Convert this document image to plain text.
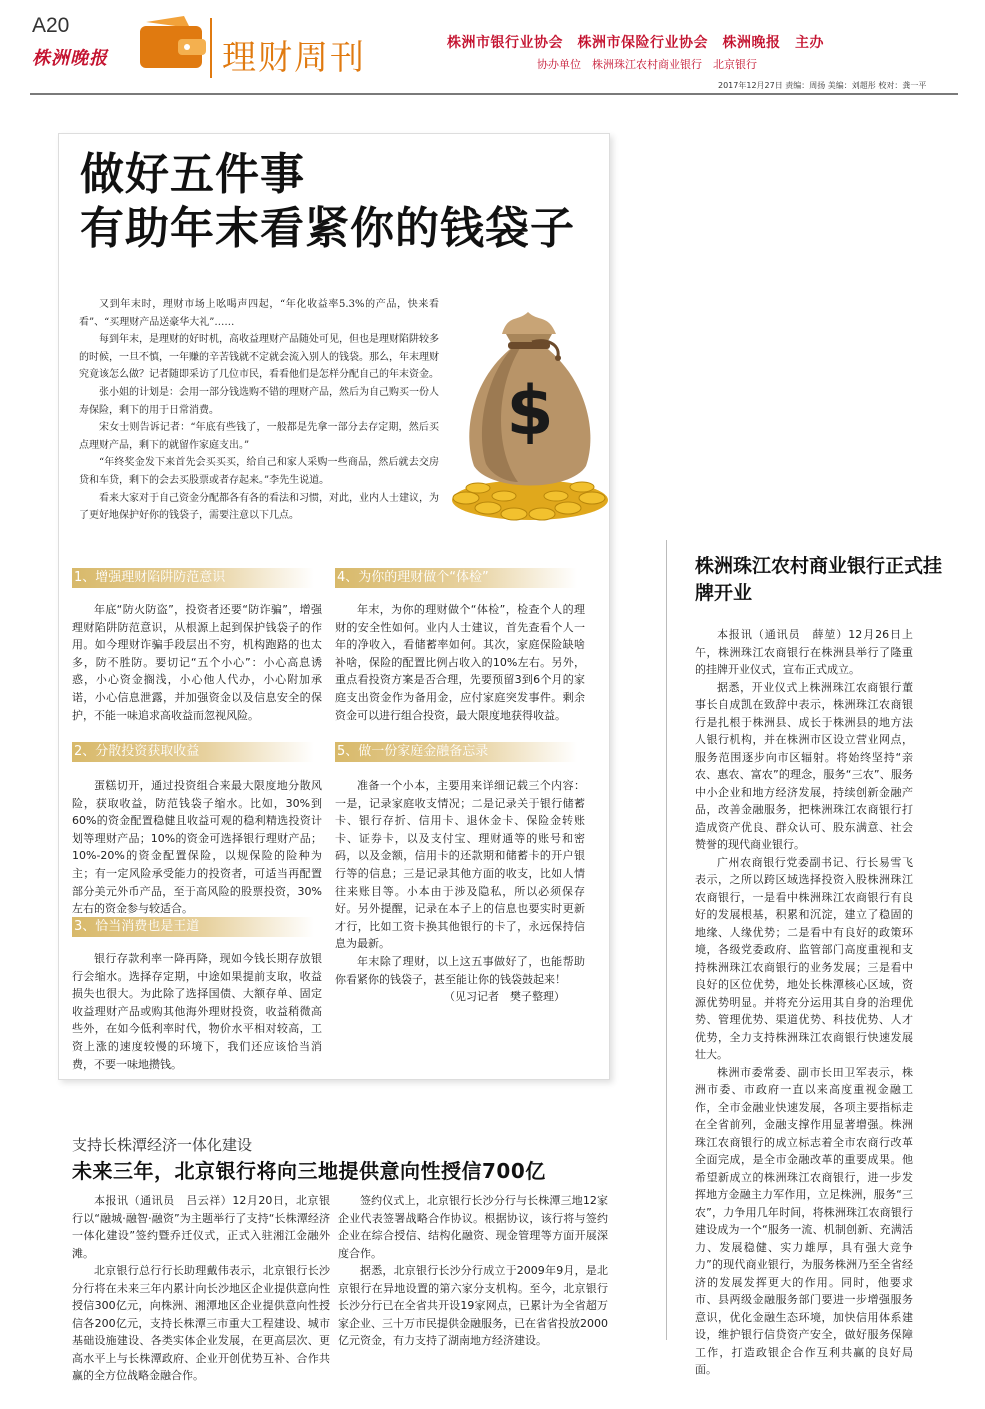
A20
株洲晚报	理财周刊	株洲市银行业协会　株洲市保险行业协会　株洲晚报　主办
协办单位　株洲珠江农村商业银行　北京银行
2017年12月27日 责编：周扬 美编：刘超彤 校对：龚一平
做好五件事
有助年末看紧你的钱袋子

又到年末时，理财市场上吆喝声四起，“年化收益率5.3%的产品，快来看看”、“买理财产品送豪华大礼”……

每到年末，是理财的好时机，高收益理财产品随处可见，但也是理财陷阱较多的时候，一旦不慎，一年赚的辛苦钱就不定就会流入别人的钱袋。那么，年末理财究竟该怎么做？记者随即采访了几位市民，看看他们是怎样分配自己的年末资金。

张小姐的计划是：会用一部分钱选购不错的理财产品，然后为自己购买一份人寿保险，剩下的用于日常消费。

宋女士则告诉记者：“年底有些钱了，一般都是先拿一部分去存定期，然后买点理财产品，剩下的就留作家庭支出。”

“年终奖金发下来首先会买买买，给自己和家人采购一些商品，然后就去交房贷和车贷，剩下的会去买股票或者存起来。”李先生说道。

看来大家对于自己资金分配都各有各的看法和习惯，对此，业内人士建议，为了更好地保护好你的钱袋子，需要注意以下几点。

$
1、增强理财陷阱防范意识

年底“防火防盗”，投资者还要“防诈骗”，增强理财陷阱防范意识，从根源上起到保护钱袋子的作用。如今理财诈骗手段层出不穷，机构跑路的也太多，防不胜防。要切记“五个小心”：小心高息诱惑，小心资金搁浅，小心他人代办，小心附加承诺，小心信息泄露，并加强资金以及信息安全的保护，不能一味追求高收益而忽视风险。

2、分散投资获取收益

蛋糕切开，通过投资组合来最大限度地分散风险，获取收益，防范钱袋子缩水。比如，30%到60%的资金配置稳健且收益可观的稳利精选投资计划等理财产品；10%的资金可选择银行理财产品；10%-20%的资金配置保险，以规保险的险种为主；有一定风险承受能力的投资者，可适当再配置部分美元外币产品，至于高风险的股票投资，30%左右的资金参与较适合。

3、恰当消费也是王道

银行存款利率一降再降，现如今钱长期存放银行会缩水。选择存定期，中途如果提前支取，收益损失也很大。为此除了选择国债、大额存单、固定收益理财产品或购其他海外理财投资，收益稍微高些外，在如今低利率时代，物价水平相对较高，工资上涨的速度较慢的环境下，我们还应该恰当消费，不要一味地攒钱。

4、为你的理财做个“体检”

年末，为你的理财做个“体检”，检查个人的理财的安全性如何。业内人士建议，首先查看个人一年的净收入，看储蓄率如何。其次，家庭保险缺啥补啥，保险的配置比例占收入的10%左右。另外，重点看投资方案是否合理，先要预留3到6个月的家庭支出资金作为备用金，应付家庭突发事件。剩余资金可以进行组合投资，最大限度地获得收益。

5、做一份家庭金融备忘录

准备一个小本，主要用来详细记载三个内容：一是，记录家庭收支情况；二是记录关于银行储蓄卡、银行存折、信用卡、退休金卡、保险金转账卡、证券卡，以及支付宝、理财通等的账号和密码，以及金额，信用卡的还款期和储蓄卡的开户银行等的信息；三是记录其他方面的收支，比如人情往来账目等。小本由于涉及隐私，所以必须保存好。另外提醒，记录在本子上的信息也要实时更新才行，比如工资卡换其他银行的卡了，永远保持信息为最新。

年末除了理财，以上这五事做好了，也能帮助你看紧你的钱袋子，甚至能让你的钱袋鼓起来！

（见习记者　樊子整理）

株洲珠江农村商业银行正式挂牌开业

本报讯（通讯员　薛堃）12月26日上午，株洲珠江农商银行在株洲县举行了隆重的挂牌开业仪式，宣布正式成立。

据悉，开业仪式上株洲珠江农商银行董事长自成凯在致辞中表示，株洲珠江农商银行是扎根于株洲县、成长于株洲县的地方法人银行机构，并在株洲市区设立营业网点，服务范围逐步向市区辐射。将始终坚持“亲农、惠农、富农”的理念，服务“三农”、服务中小企业和地方经济发展，持续创新金融产品，改善金融服务，把株洲珠江农商银行打造成资产优良、群众认可、股东满意、社会赞誉的现代商业银行。

广州农商银行党委副书记、行长易雪飞表示，之所以跨区域选择投资入股株洲珠江农商银行，一是看中株洲珠江农商银行有良好的发展根基，积累和沉淀，建立了稳固的地缘、人缘优势；二是看中有良好的政策环境，各级党委政府、监管部门高度重视和支持株洲珠江农商银行的业务发展；三是看中良好的区位优势，地处长株潭核心区域，资源优势明显。并将充分运用其自身的治理优势、管理优势、渠道优势、科技优势、人才优势，全力支持株洲珠江农商银行快速发展壮大。

株洲市委常委、副市长田卫军表示，株洲市委、市政府一直以来高度重视金融工作，全市金融业快速发展，各项主要指标走在全省前列，金融支撑作用显著增强。株洲珠江农商银行的成立标志着全市农商行改革全面完成，是全市金融改革的重要成果。他希望新成立的株洲珠江农商银行，进一步发挥地方金融主力军作用，立足株洲，服务“三农”，力争用几年时间，将株洲珠江农商银行建设成为一个“服务一流、机制创新、充满活力、发展稳健、实力雄厚，具有强大竞争力”的现代商业银行，为服务株洲乃至全省经济的发展发挥更大的作用。同时，他要求市、县两级金融服务部门要进一步增强服务意识，优化金融生态环境，加快信用体系建设，维护银行信贷资产安全，做好服务保障工作，打造政银企合作互利共赢的良好局面。

支持长株潭经济一体化建设
未来三年，北京银行将向三地提供意向性授信700亿

本报讯（通讯员　吕云祥）12月20日，北京银行以“融城·融智·融资”为主题举行了支持“长株潭经济一体化建设”签约暨乔迁仪式，正式入驻湘江金融外滩。

北京银行总行行长助理戴伟表示，北京银行长沙分行将在未来三年内累计向长沙地区企业提供意向性授信300亿元，向株洲、湘潭地区企业提供意向性授信各200亿元，支持长株潭三市重大工程建设、城市基础设施建设、各类实体企业发展，在更高层次、更高水平上与长株潭政府、企业开创优势互补、合作共赢的全方位战略金融合作。

签约仪式上，北京银行长沙分行与长株潭三地12家企业代表签署战略合作协议。根据协议，该行将与签约企业在综合授信、结构化融资、现金管理等方面开展深度合作。

据悉，北京银行长沙分行成立于2009年9月，是北京银行在异地设置的第六家分支机构。至今，北京银行长沙分行已在全省共开设19家网点，已累计为全省超万家企业、三十万市民提供金融服务，已在省省投放2000亿元资金，有力支持了湖南地方经济建设。
